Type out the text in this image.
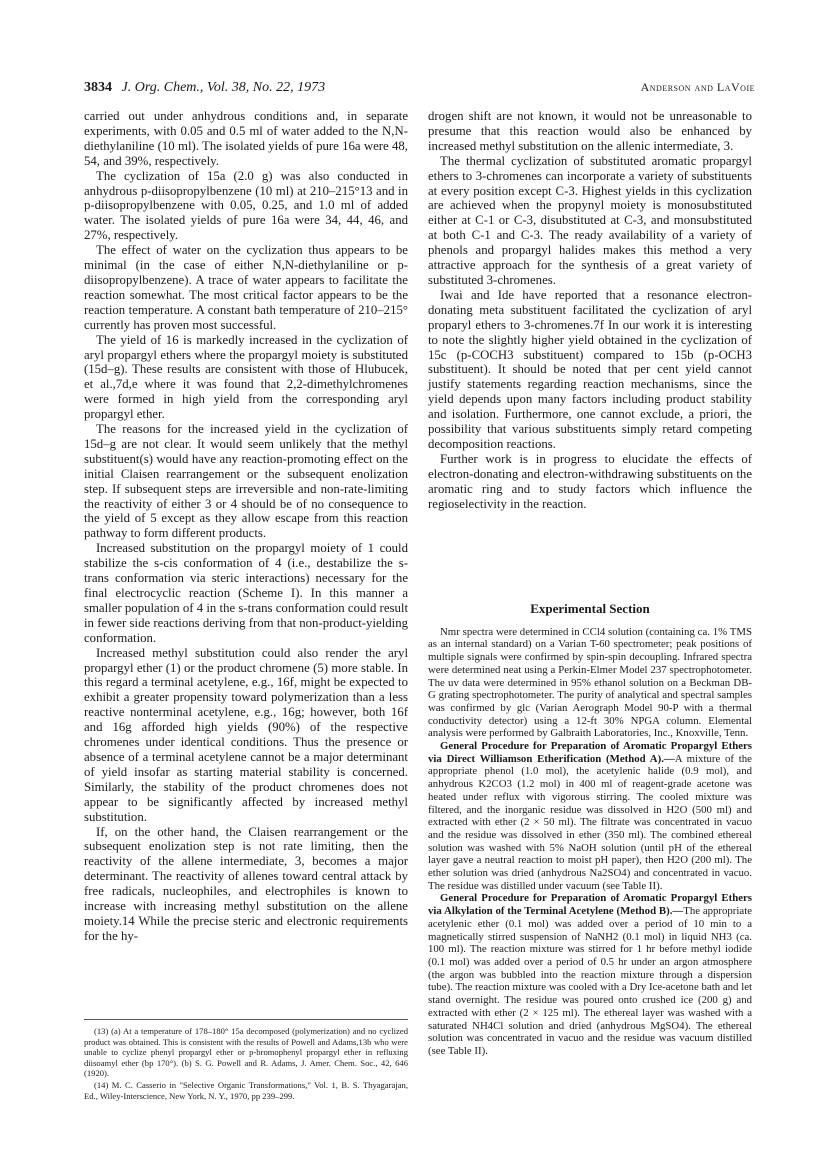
3834 J. Org. Chem., Vol. 38, No. 22, 1973	Anderson and LaVoie

carried out under anhydrous conditions and, in separate experiments, with 0.05 and 0.5 ml of water added to the N,N-diethylaniline (10 ml). The isolated yields of pure 16a were 48, 54, and 39%, respectively.

The cyclization of 15a (2.0 g) was also conducted in anhydrous p-diisopropylbenzene (10 ml) at 210–215°13 and in p-diisopropylbenzene with 0.05, 0.25, and 1.0 ml of added water. The isolated yields of pure 16a were 34, 44, 46, and 27%, respectively.

The effect of water on the cyclization thus appears to be minimal (in the case of either N,N-diethylaniline or p-diisopropylbenzene). A trace of water appears to facilitate the reaction somewhat. The most critical factor appears to be the reaction temperature. A constant bath temperature of 210–215° currently has proven most successful.

The yield of 16 is markedly increased in the cyclization of aryl propargyl ethers where the propargyl moiety is substituted (15d–g). These results are consistent with those of Hlubucek, et al.,7d,e where it was found that 2,2-dimethylchromenes were formed in high yield from the corresponding aryl propargyl ether.

The reasons for the increased yield in the cyclization of 15d–g are not clear. It would seem unlikely that the methyl substituent(s) would have any reaction-promoting effect on the initial Claisen rearrangement or the subsequent enolization step. If subsequent steps are irreversible and non-rate-limiting the reactivity of either 3 or 4 should be of no consequence to the yield of 5 except as they allow escape from this reaction pathway to form different products.

Increased substitution on the propargyl moiety of 1 could stabilize the s-cis conformation of 4 (i.e., destabilize the s-trans conformation via steric interactions) necessary for the final electrocyclic reaction (Scheme I). In this manner a smaller population of 4 in the s-trans conformation could result in fewer side reactions deriving from that non-product-yielding conformation.

Increased methyl substitution could also render the aryl propargyl ether (1) or the product chromene (5) more stable. In this regard a terminal acetylene, e.g., 16f, might be expected to exhibit a greater propensity toward polymerization than a less reactive nonterminal acetylene, e.g., 16g; however, both 16f and 16g afforded high yields (90%) of the respective chromenes under identical conditions. Thus the presence or absence of a terminal acetylene cannot be a major determinant of yield insofar as starting material stability is concerned. Similarly, the stability of the product chromenes does not appear to be significantly affected by increased methyl substitution.

If, on the other hand, the Claisen rearrangement or the subsequent enolization step is not rate limiting, then the reactivity of the allene intermediate, 3, becomes a major determinant. The reactivity of allenes toward central attack by free radicals, nucleophiles, and electrophiles is known to increase with increasing methyl substitution on the allene moiety.14 While the precise steric and electronic requirements for the hy-

(13) (a) At a temperature of 178–180° 15a decomposed (polymerization) and no cyclized product was obtained. This is consistent with the results of Powell and Adams,13b who were unable to cyclize phenyl propargyl ether or p-bromophenyl propargyl ether in refluxing diisoamyl ether (bp 170°). (b) S. G. Powell and R. Adams, J. Amer. Chem. Soc., 42, 646 (1920).

(14) M. C. Casserio in "Selective Organic Transformations," Vol. 1, B. S. Thyagarajan, Ed., Wiley-Interscience, New York, N. Y., 1970, pp 239–299.

drogen shift are not known, it would not be unreasonable to presume that this reaction would also be enhanced by increased methyl substitution on the allenic intermediate, 3.

The thermal cyclization of substituted aromatic propargyl ethers to 3-chromenes can incorporate a variety of substituents at every position except C-3. Highest yields in this cyclization are achieved when the propynyl moiety is monosubstituted either at C-1 or C-3, disubstituted at C-3, and monsubstituted at both C-1 and C-3. The ready availability of a variety of phenols and propargyl halides makes this method a very attractive approach for the synthesis of a great variety of substituted 3-chromenes.

Iwai and Ide have reported that a resonance electron-donating meta substituent facilitated the cyclization of aryl proparyl ethers to 3-chromenes.7f In our work it is interesting to note the slightly higher yield obtained in the cyclization of 15c (p-COCH3 substituent) compared to 15b (p-OCH3 substituent). It should be noted that per cent yield cannot justify statements regarding reaction mechanisms, since the yield depends upon many factors including product stability and isolation. Furthermore, one cannot exclude, a priori, the possibility that various substituents simply retard competing decomposition reactions.

Further work is in progress to elucidate the effects of electron-donating and electron-withdrawing substituents on the aromatic ring and to study factors which influence the regioselectivity in the reaction.

Experimental Section

Nmr spectra were determined in CCl4 solution (containing ca. 1% TMS as an internal standard) on a Varian T-60 spectrometer; peak positions of multiple signals were confirmed by spin-spin decoupling. Infrared spectra were determined neat using a Perkin-Elmer Model 237 spectrophotometer. The uv data were determined in 95% ethanol solution on a Beckman DB-G grating spectrophotometer. The purity of analytical and spectral samples was confirmed by glc (Varian Aerograph Model 90-P with a thermal conductivity detector) using a 12-ft 30% NPGA column. Elemental analysis were performed by Galbraith Laboratories, Inc., Knoxville, Tenn.

General Procedure for Preparation of Aromatic Propargyl Ethers via Direct Williamson Etherification (Method A).—A mixture of the appropriate phenol (1.0 mol), the acetylenic halide (0.9 mol), and anhydrous K2CO3 (1.2 mol) in 400 ml of reagent-grade acetone was heated under reflux with vigorous stirring. The cooled mixture was filtered, and the inorganic residue was dissolved in H2O (500 ml) and extracted with ether (2 × 50 ml). The filtrate was concentrated in vacuo and the residue was dissolved in ether (350 ml). The combined ethereal solution was washed with 5% NaOH solution (until pH of the ethereal layer gave a neutral reaction to moist pH paper), then H2O (200 ml). The ether solution was dried (anhydrous Na2SO4) and concentrated in vacuo. The residue was distilled under vacuum (see Table II).

General Procedure for Preparation of Aromatic Propargyl Ethers via Alkylation of the Terminal Acetylene (Method B).—The appropriate acetylenic ether (0.1 mol) was added over a period of 10 min to a magnetically stirred suspension of NaNH2 (0.1 mol) in liquid NH3 (ca. 100 ml). The reaction mixture was stirred for 1 hr before methyl iodide (0.1 mol) was added over a period of 0.5 hr under an argon atmosphere (the argon was bubbled into the reaction mixture through a dispersion tube). The reaction mixture was cooled with a Dry Ice-acetone bath and let stand overnight. The residue was poured onto crushed ice (200 g) and extracted with ether (2 × 125 ml). The ethereal layer was washed with a saturated NH4Cl solution and dried (anhydrous MgSO4). The ethereal solution was concentrated in vacuo and the residue was vacuum distilled (see Table II).
